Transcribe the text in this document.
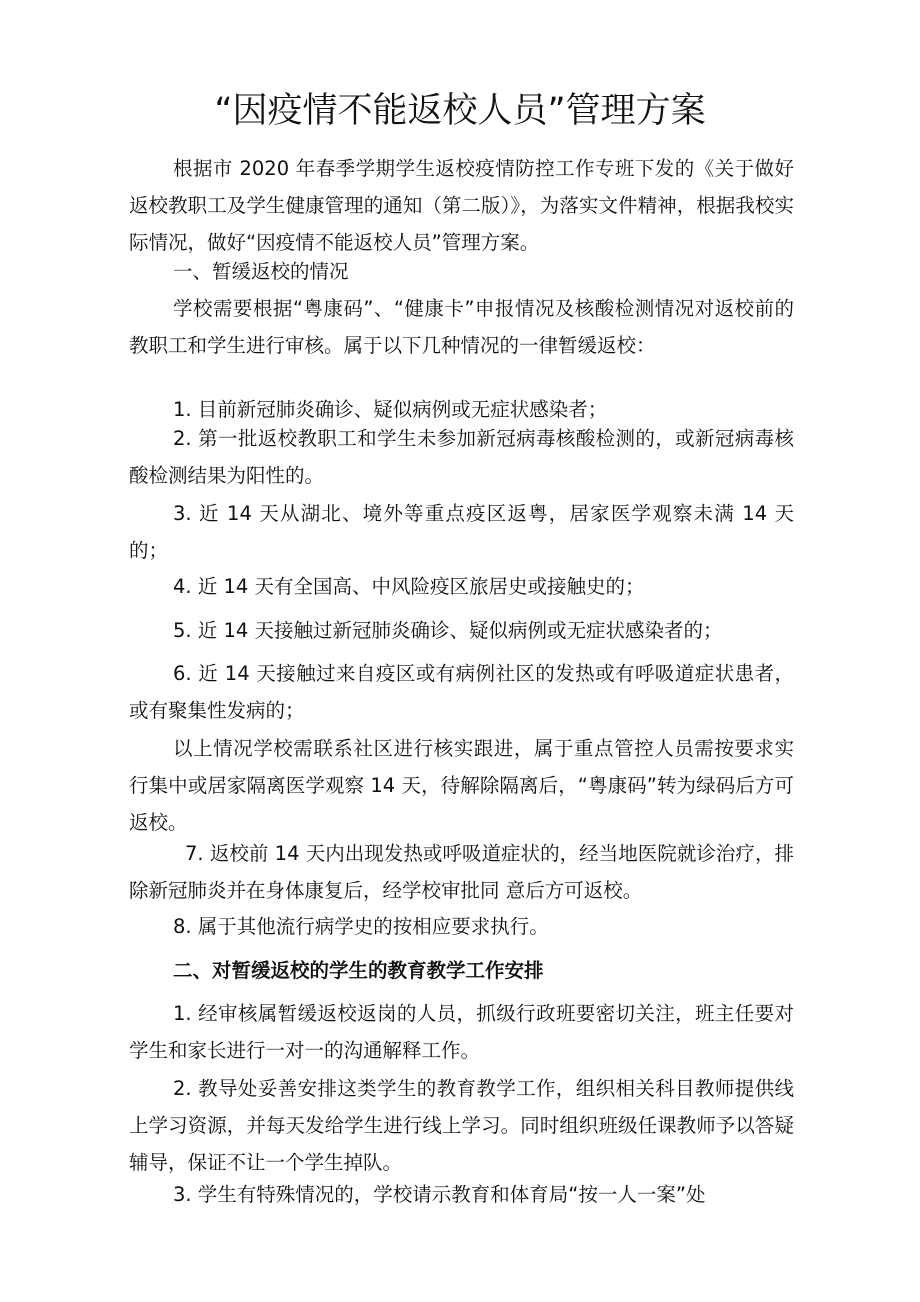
“因疫情不能返校人员”管理方案

根据市 2020 年春季学期学生返校疫情防控工作专班下发的《关于做好返校教职工及学生健康管理的通知（第二版）》，为落实文件精神，根据我校实际情况，做好“因疫情不能返校人员”管理方案。

一、暂缓返校的情况

学校需要根据“粤康码”、“健康卡”申报情况及核酸检测情况对返校前的教职工和学生进行审核。属于以下几种情况的一律暂缓返校：

1. 目前新冠肺炎确诊、疑似病例或无症状感染者；

2. 第一批返校教职工和学生未参加新冠病毒核酸检测的，或新冠病毒核酸检测结果为阳性的。

3. 近 14 天从湖北、境外等重点疫区返粤，居家医学观察未满 14 天的；

4. 近 14 天有全国高、中风险疫区旅居史或接触史的；

5. 近 14 天接触过新冠肺炎确诊、疑似病例或无症状感染者的；

6. 近 14 天接触过来自疫区或有病例社区的发热或有呼吸道症状患者，或有聚集性发病的；

以上情况学校需联系社区进行核实跟进，属于重点管控人员需按要求实行集中或居家隔离医学观察 14 天，待解除隔离后，“粤康码”转为绿码后方可返校。

7. 返校前 14 天内出现发热或呼吸道症状的，经当地医院就诊治疗，排除新冠肺炎并在身体康复后，经学校审批同 意后方可返校。

8. 属于其他流行病学史的按相应要求执行。

二、对暂缓返校的学生的教育教学工作安排

1. 经审核属暂缓返校返岗的人员，抓级行政班要密切关注，班主任要对学生和家长进行一对一的沟通解释工作。

2. 教导处妥善安排这类学生的教育教学工作，组织相关科目教师提供线上学习资源，并每天发给学生进行线上学习。同时组织班级任课教师予以答疑辅导，保证不让一个学生掉队。

3. 学生有特殊情况的，学校请示教育和体育局“按一人一案”处
